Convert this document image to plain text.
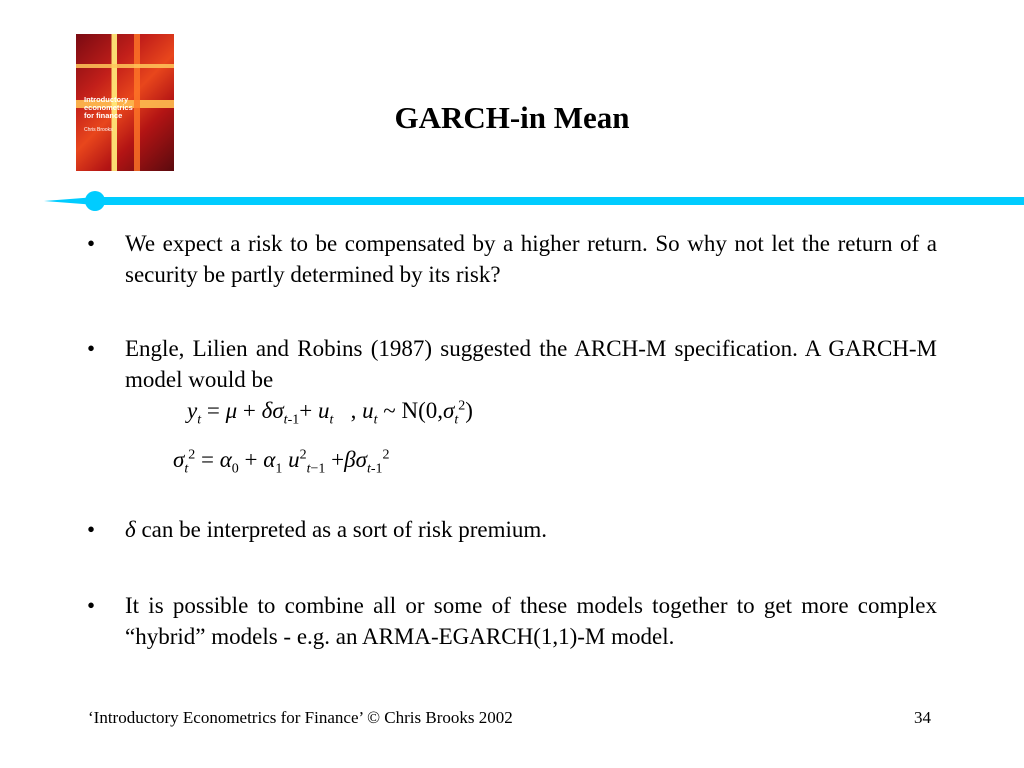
Introductory
econometrics
for finance
Chris Brooks	GARCH-in Mean
• We expect a risk to be compensated by a higher return. So why not let the return of a security be partly determined by its risk?
• Engle, Lilien and Robins (1987) suggested the ARCH-M specification. A GARCH-M model would be
$y_t = \mu + \delta\sigma_{t-1}+ u_t$ , $u_t$ ~ $N(0,\sigma_t^2)$
$\sigma_t^2 = \alpha_0 + \alpha_1$ $u^2_{t-1} +\beta\sigma_{t-1}^2$
• δ can be interpreted as a sort of risk premium.
• It is possible to combine all or some of these models together to get more complex “hybrid” models - e.g. an ARMA-EGARCH(1,1)-M model.
‘Introductory Econometrics for Finance’ © Chris Brooks 2002	34
